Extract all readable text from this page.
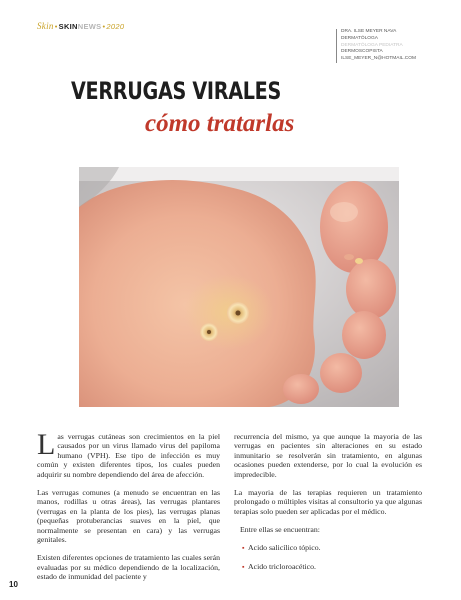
Skin•SKINNEWS•2020
DRA. ILSE MEYER NAVA
DERMATÓLOGA
DERMATÓLOGA PEDIATRA
DERMOSCOPISTA
ILSE_MEYER_N@HOTMAIL.COM
VERRUGAS VIRALES
cómo tratarlas

Las verrugas cutáneas son crecimientos en la piel causados por un virus llamado virus del papiloma humano (VPH). Ese tipo de infección es muy común y existen diferentes tipos, los cuales pueden adquirir su nombre dependiendo del área de afección.

Las verrugas comunes (a menudo se encuentran en las manos, rodillas u otras áreas), las verrugas plantares (verrugas en la planta de los pies), las verrugas planas (pequeñas protuberancias suaves en la piel, que normalmente se presentan en cara) y las verrugas genitales.

Existen diferentes opciones de tratamiento las cuales serán evaluadas por su médico dependiendo de la localización, estado de inmunidad del paciente y

recurrencia del mismo, ya que aunque la mayoria de las verrugas en pacientes sin alteraciones en su estado inmunitario se resolverán sin tratamiento, en algunas ocasiones pueden extenderse, por lo cual la evolución es impredecible.

La mayoria de las terapias requieren un tratamiento prolongado o múltiples visitas al consultorio ya que algunas terapias solo pueden ser aplicadas por el médico.

Entre ellas se encuentran:

▪ Acido salicílico tópico.
▪ Acido tricloroacético.
10
